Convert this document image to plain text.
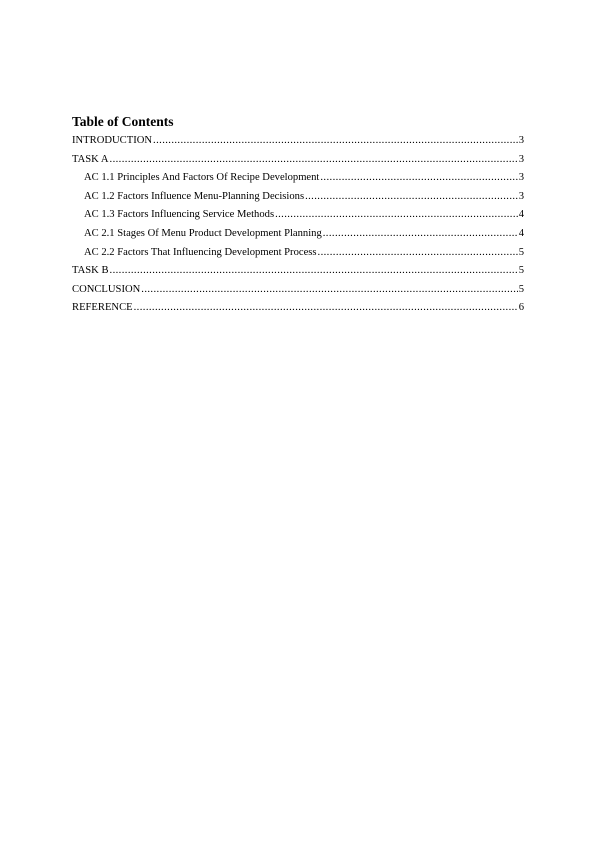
Table of Contents
INTRODUCTION .....	3
TASK A .....	3
AC 1.1 Principles And Factors Of Recipe Development .....	3
AC 1.2 Factors Influence Menu-Planning Decisions .....	3
AC 1.3 Factors Influencing Service Methods .....	4
AC 2.1 Stages Of Menu Product Development Planning .....	4
AC 2.2 Factors That Influencing Development Process .....	5
TASK B .....	5
CONCLUSION .....	5
REFERENCE .....	6
